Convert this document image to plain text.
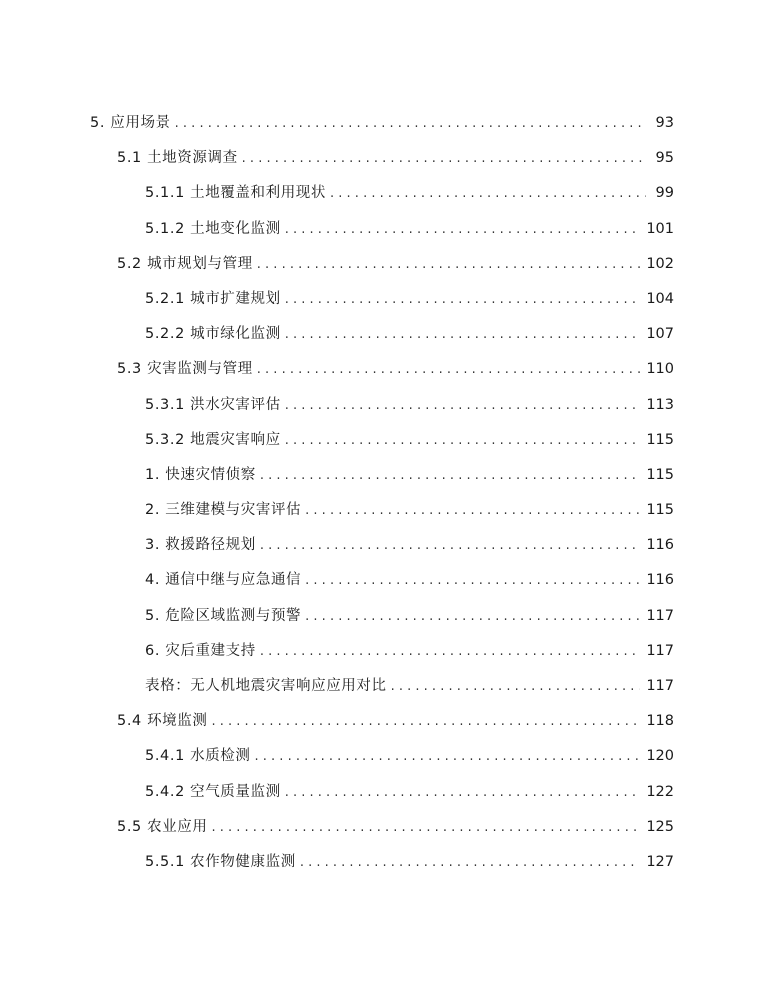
5. 应用场景 . . .	93
5.1 土地资源调查 . . .	95
5.1.1 土地覆盖和利用现状 . . .	99
5.1.2 土地变化监测 . . .	101
5.2 城市规划与管理 . . .	102
5.2.1 城市扩建规划 . . .	104
5.2.2 城市绿化监测 . . .	107
5.3 灾害监测与管理 . . .	110
5.3.1 洪水灾害评估 . . .	113
5.3.2 地震灾害响应 . . .	115
1. 快速灾情侦察 . . .	115
2. 三维建模与灾害评估 . . .	115
3. 救援路径规划 . . .	116
4. 通信中继与应急通信 . . .	116
5. 危险区域监测与预警 . . .	117
6. 灾后重建支持 . . .	117
表格：无人机地震灾害响应应用对比 . . .	117
5.4 环境监测 . . .	118
5.4.1 水质检测 . . .	120
5.4.2 空气质量监测 . . .	122
5.5 农业应用 . . .	125
5.5.1 农作物健康监测 . . .	127
